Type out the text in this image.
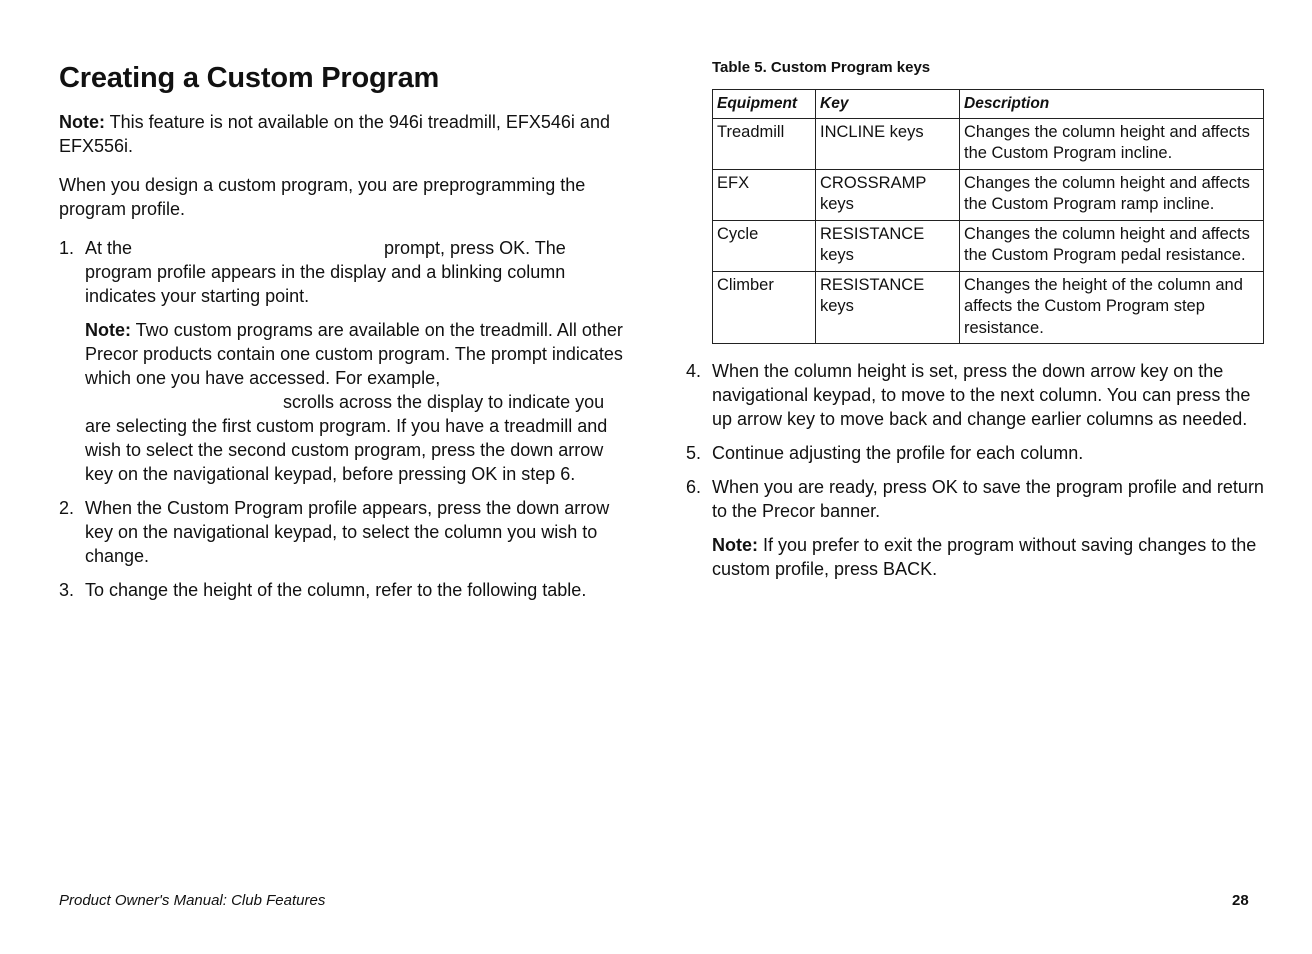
Creating a Custom Program

Note: This feature is not available on the 946i treadmill, EFX546i and EFX556i.

When you design a custom program, you are preprogramming the program profile.

1. At the	prompt, press OK. The program profile appears in the display and a blinking column indicates your starting point.

Note: Two custom programs are available on the treadmill. All other Precor products contain one custom program. The prompt indicates which one you have accessed. For example,
scrolls across the display to indicate you are selecting the first custom program. If you have a treadmill and wish to select the second custom program, press the down arrow key on the navigational keypad, before pressing OK in step 6.

2. When the Custom Program profile appears, press the down arrow key on the navigational keypad, to select the column you wish to change.

3. To change the height of the column, refer to the following table.

Table 5. Custom Program keys
Equipment	Key	Description
Treadmill	INCLINE keys	Changes the column height and affects the Custom Program incline.
EFX	CROSSRAMP keys	Changes the column height and affects the Custom Program ramp incline.
Cycle	RESISTANCE keys	Changes the column height and affects the Custom Program pedal resistance.
Climber	RESISTANCE keys	Changes the height of the column and affects the Custom Program step resistance.
4. When the column height is set, press the down arrow key on the navigational keypad, to move to the next column. You can press the up arrow key to move back and change earlier columns as needed.

5. Continue adjusting the profile for each column.

6. When you are ready, press OK to save the program profile and return to the Precor banner.

Note: If you prefer to exit the program without saving changes to the custom profile, press BACK.

Product Owner's Manual: Club Features	28
